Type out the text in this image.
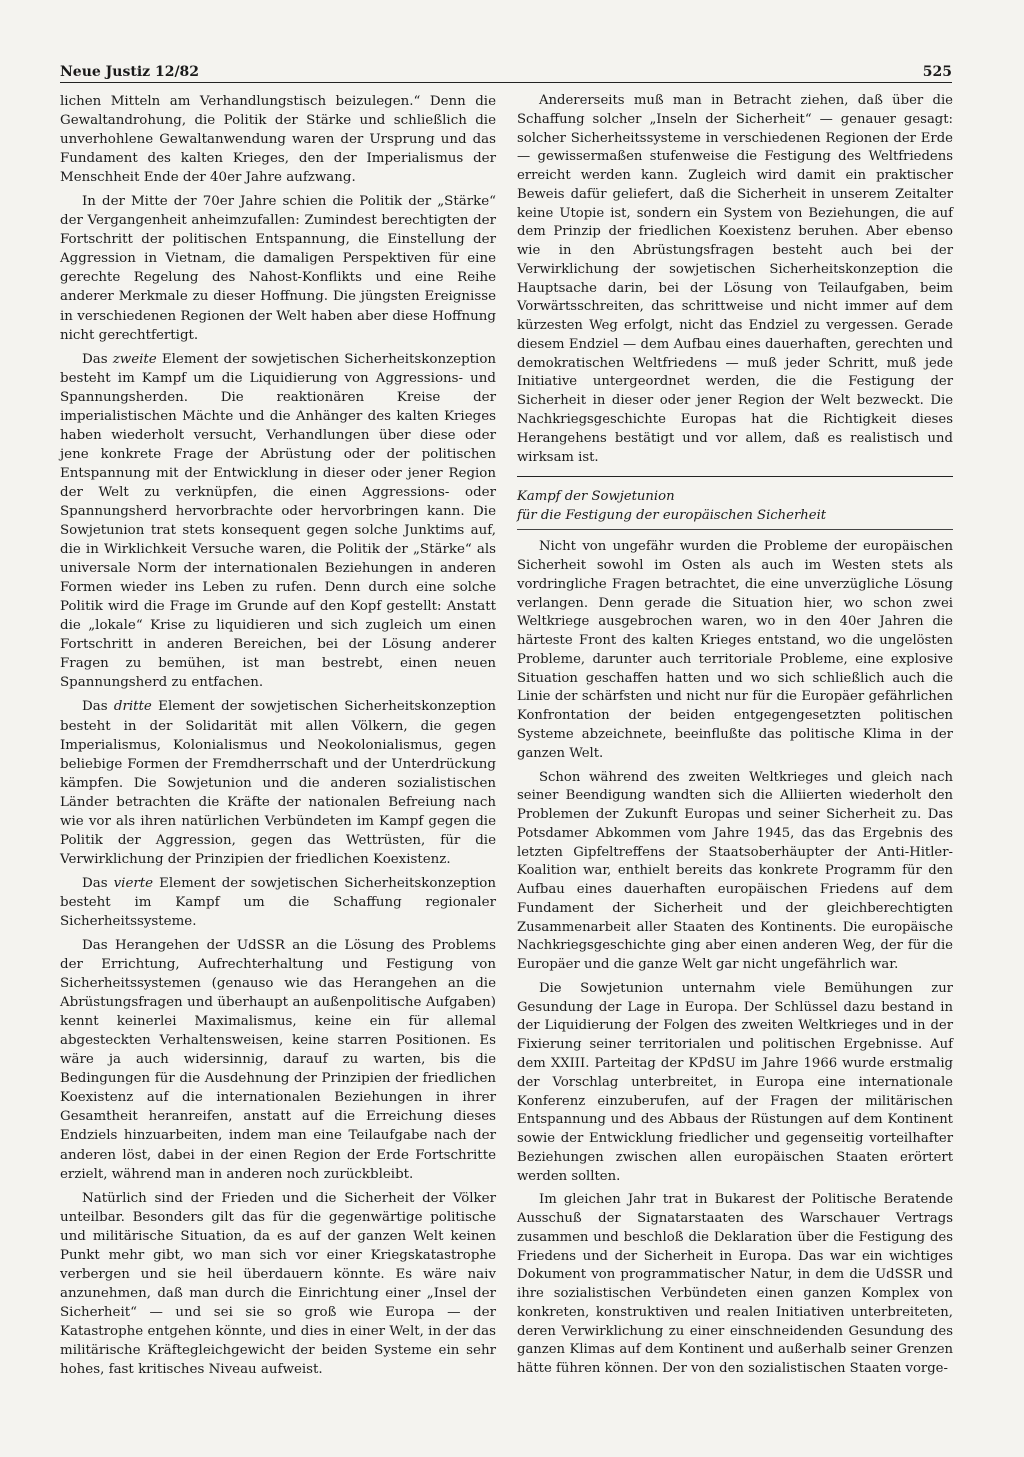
Neue Justiz 12/82	525

lichen Mitteln am Verhandlungstisch beizulegen.“ Denn die Gewaltandrohung, die Politik der Stärke und schließlich die unverhohlene Gewaltanwendung waren der Ursprung und das Fundament des kalten Krieges, den der Imperialismus der Menschheit Ende der 40er Jahre aufzwang.

In der Mitte der 70er Jahre schien die Politik der „Stärke“ der Vergangenheit anheimzufallen: Zumindest berechtigten der Fortschritt der politischen Entspannung, die Einstellung der Aggression in Vietnam, die damaligen Perspektiven für eine gerechte Regelung des Nahost-Konflikts und eine Reihe anderer Merkmale zu dieser Hoffnung. Die jüngsten Ereignisse in verschiedenen Regionen der Welt haben aber diese Hoffnung nicht gerechtfertigt.

Das zweite Element der sowjetischen Sicherheitskonzeption besteht im Kampf um die Liquidierung von Aggressions- und Spannungsherden. Die reaktionären Kreise der imperialistischen Mächte und die Anhänger des kalten Krieges haben wiederholt versucht, Verhandlungen über diese oder jene konkrete Frage der Abrüstung oder der politischen Entspannung mit der Entwicklung in dieser oder jener Region der Welt zu verknüpfen, die einen Aggressions- oder Spannungsherd hervorbrachte oder hervorbringen kann. Die Sowjetunion trat stets konsequent gegen solche Junktims auf, die in Wirklichkeit Versuche waren, die Politik der „Stärke“ als universale Norm der internationalen Beziehungen in anderen Formen wieder ins Leben zu rufen. Denn durch eine solche Politik wird die Frage im Grunde auf den Kopf gestellt: Anstatt die „lokale“ Krise zu liquidieren und sich zugleich um einen Fortschritt in anderen Bereichen, bei der Lösung anderer Fragen zu bemühen, ist man bestrebt, einen neuen Spannungsherd zu entfachen.

Das dritte Element der sowjetischen Sicherheitskonzeption besteht in der Solidarität mit allen Völkern, die gegen Imperialismus, Kolonialismus und Neokolonialismus, gegen beliebige Formen der Fremdherrschaft und der Unterdrückung kämpfen. Die Sowjetunion und die anderen sozialistischen Länder betrachten die Kräfte der nationalen Befreiung nach wie vor als ihren natürlichen Verbündeten im Kampf gegen die Politik der Aggression, gegen das Wettrüsten, für die Verwirklichung der Prinzipien der friedlichen Koexistenz.

Das vierte Element der sowjetischen Sicherheitskonzeption besteht im Kampf um die Schaffung regionaler Sicherheitssysteme.

Das Herangehen der UdSSR an die Lösung des Problems der Errichtung, Aufrechterhaltung und Festigung von Sicherheitssystemen (genauso wie das Herangehen an die Abrüstungsfragen und überhaupt an außenpolitische Aufgaben) kennt keinerlei Maximalismus, keine ein für allemal abgesteckten Verhaltensweisen, keine starren Positionen. Es wäre ja auch widersinnig, darauf zu warten, bis die Bedingungen für die Ausdehnung der Prinzipien der friedlichen Koexistenz auf die internationalen Beziehungen in ihrer Gesamtheit heranreifen, anstatt auf die Erreichung dieses Endziels hinzuarbeiten, indem man eine Teilaufgabe nach der anderen löst, dabei in der einen Region der Erde Fortschritte erzielt, während man in anderen noch zurückbleibt.

Natürlich sind der Frieden und die Sicherheit der Völker unteilbar. Besonders gilt das für die gegenwärtige politische und militärische Situation, da es auf der ganzen Welt keinen Punkt mehr gibt, wo man sich vor einer Kriegskatastrophe verbergen und sie heil überdauern könnte. Es wäre naiv anzunehmen, daß man durch die Einrichtung einer „Insel der Sicherheit“ — und sei sie so groß wie Europa — der Katastrophe entgehen könnte, und dies in einer Welt, in der das militärische Kräftegleichgewicht der beiden Systeme ein sehr hohes, fast kritisches Niveau aufweist.

Andererseits muß man in Betracht ziehen, daß über die Schaffung solcher „Inseln der Sicherheit“ — genauer gesagt: solcher Sicherheitssysteme in verschiedenen Regionen der Erde — gewissermaßen stufenweise die Festigung des Weltfriedens erreicht werden kann. Zugleich wird damit ein praktischer Beweis dafür geliefert, daß die Sicherheit in unserem Zeitalter keine Utopie ist, sondern ein System von Beziehungen, die auf dem Prinzip der friedlichen Koexistenz beruhen. Aber ebenso wie in den Abrüstungsfragen besteht auch bei der Verwirklichung der sowjetischen Sicherheitskonzeption die Hauptsache darin, bei der Lösung von Teilaufgaben, beim Vorwärtsschreiten, das schrittweise und nicht immer auf dem kürzesten Weg erfolgt, nicht das Endziel zu vergessen. Gerade diesem Endziel — dem Aufbau eines dauerhaften, gerechten und demokratischen Weltfriedens — muß jeder Schritt, muß jede Initiative untergeordnet werden, die die Festigung der Sicherheit in dieser oder jener Region der Welt bezweckt. Die Nachkriegsgeschichte Europas hat die Richtigkeit dieses Herangehens bestätigt und vor allem, daß es realistisch und wirksam ist.

Kampf der Sowjetunion
für die Festigung der europäischen Sicherheit

Nicht von ungefähr wurden die Probleme der europäischen Sicherheit sowohl im Osten als auch im Westen stets als vordringliche Fragen betrachtet, die eine unverzügliche Lösung verlangen. Denn gerade die Situation hier, wo schon zwei Weltkriege ausgebrochen waren, wo in den 40er Jahren die härteste Front des kalten Krieges entstand, wo die ungelösten Probleme, darunter auch territoriale Probleme, eine explosive Situation geschaffen hatten und wo sich schließlich auch die Linie der schärfsten und nicht nur für die Europäer gefährlichen Konfrontation der beiden entgegengesetzten politischen Systeme abzeichnete, beeinflußte das politische Klima in der ganzen Welt.

Schon während des zweiten Weltkrieges und gleich nach seiner Beendigung wandten sich die Alliierten wiederholt den Problemen der Zukunft Europas und seiner Sicherheit zu. Das Potsdamer Abkommen vom Jahre 1945, das das Ergebnis des letzten Gipfeltreffens der Staatsoberhäupter der Anti-Hitler-Koalition war, enthielt bereits das konkrete Programm für den Aufbau eines dauerhaften europäischen Friedens auf dem Fundament der Sicherheit und der gleichberechtigten Zusammenarbeit aller Staaten des Kontinents. Die europäische Nachkriegsgeschichte ging aber einen anderen Weg, der für die Europäer und die ganze Welt gar nicht ungefährlich war.

Die Sowjetunion unternahm viele Bemühungen zur Gesundung der Lage in Europa. Der Schlüssel dazu bestand in der Liquidierung der Folgen des zweiten Weltkrieges und in der Fixierung seiner territorialen und politischen Ergebnisse. Auf dem XXIII. Parteitag der KPdSU im Jahre 1966 wurde erstmalig der Vorschlag unterbreitet, in Europa eine internationale Konferenz einzuberufen, auf der Fragen der militärischen Entspannung und des Abbaus der Rüstungen auf dem Kontinent sowie der Entwicklung friedlicher und gegenseitig vorteilhafter Beziehungen zwischen allen europäischen Staaten erörtert werden sollten.

Im gleichen Jahr trat in Bukarest der Politische Beratende Ausschuß der Signatarstaaten des Warschauer Vertrags zusammen und beschloß die Deklaration über die Festigung des Friedens und der Sicherheit in Europa. Das war ein wichtiges Dokument von programmatischer Natur, in dem die UdSSR und ihre sozialistischen Verbündeten einen ganzen Komplex von konkreten, konstruktiven und realen Initiativen unterbreiteten, deren Verwirklichung zu einer einschneidenden Gesundung des ganzen Klimas auf dem Kontinent und außerhalb seiner Grenzen hätte führen können. Der von den sozialistischen Staaten vorge-
